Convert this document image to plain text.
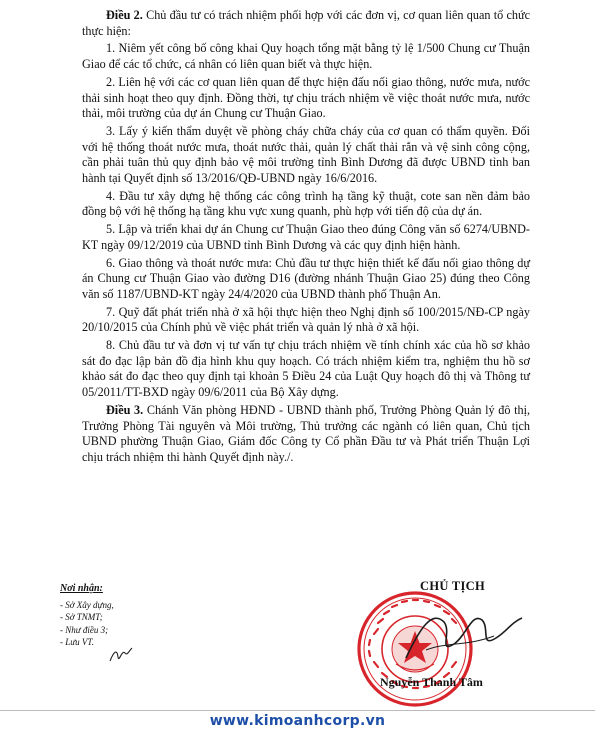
Điều 2. Chủ đầu tư có trách nhiệm phối hợp với các đơn vị, cơ quan liên quan tổ chức thực hiện:

1. Niêm yết công bố công khai Quy hoạch tổng mặt bằng tỷ lệ 1/500 Chung cư Thuận Giao để các tổ chức, cá nhân có liên quan biết và thực hiện.

2. Liên hệ với các cơ quan liên quan để thực hiện đấu nối giao thông, nước mưa, nước thải sinh hoạt theo quy định. Đồng thời, tự chịu trách nhiệm về việc thoát nước mưa, nước thải, môi trường của dự án Chung cư Thuận Giao.

3. Lấy ý kiến thẩm duyệt về phòng cháy chữa cháy của cơ quan có thẩm quyền. Đối với hệ thống thoát nước mưa, thoát nước thải, quản lý chất thải rắn và vệ sinh công cộng, cần phải tuân thủ quy định bảo vệ môi trường tỉnh Bình Dương đã được UBND tỉnh ban hành tại Quyết định số 13/2016/QĐ-UBND ngày 16/6/2016.

4. Đầu tư xây dựng hệ thống các công trình hạ tầng kỹ thuật, cote san nền đảm bảo đồng bộ với hệ thống hạ tầng khu vực xung quanh, phù hợp với tiến độ của dự án.

5. Lập và triển khai dự án Chung cư Thuận Giao theo đúng Công văn số 6274/UBND-KT ngày 09/12/2019 của UBND tỉnh Bình Dương và các quy định hiện hành.

6. Giao thông và thoát nước mưa: Chủ đầu tư thực hiện thiết kế đấu nối giao thông dự án Chung cư Thuận Giao vào đường D16 (đường nhánh Thuận Giao 25) đúng theo Công văn số 1187/UBND-KT ngày 24/4/2020 của UBND thành phố Thuận An.

7. Quỹ đất phát triển nhà ở xã hội thực hiện theo Nghị định số 100/2015/NĐ-CP ngày 20/10/2015 của Chính phủ về việc phát triển và quản lý nhà ở xã hội.

8. Chủ đầu tư và đơn vị tư vấn tự chịu trách nhiệm về tính chính xác của hồ sơ khảo sát đo đạc lập bản đồ địa hình khu quy hoạch. Có trách nhiệm kiểm tra, nghiệm thu hồ sơ khảo sát đo đạc theo quy định tại khoản 5 Điều 24 của Luật Quy hoạch đô thị và Thông tư 05/2011/TT-BXD ngày 09/6/2011 của Bộ Xây dựng.

Điều 3. Chánh Văn phòng HĐND - UBND thành phố, Trưởng Phòng Quản lý đô thị, Trưởng Phòng Tài nguyên và Môi trường, Thủ trưởng các ngành có liên quan, Chủ tịch UBND phường Thuận Giao, Giám đốc Công ty Cổ phần Đầu tư và Phát triển Thuận Lợi chịu trách nhiệm thi hành Quyết định này./.

Nơi nhận:
- Sở Xây dựng,
- Sở TNMT;
- Như điều 3;
- Lưu VT.
CHỦ TỊCH
Nguyễn Thanh Tâm
www.kimoanhcorp.vn
